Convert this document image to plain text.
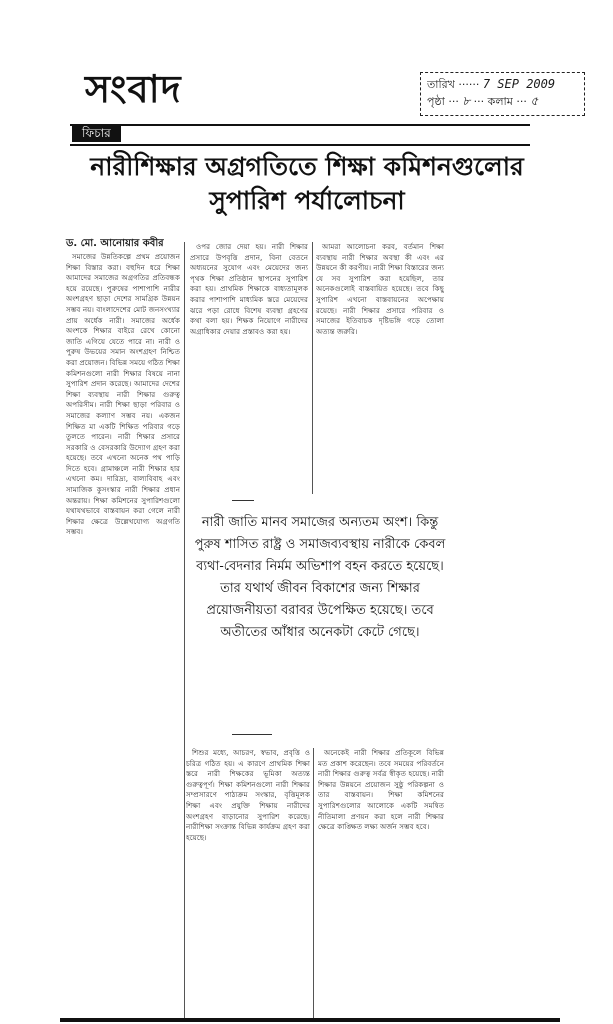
সংবাদ	তারিখ ······ 7 SEP 2009
পৃষ্ঠা ··· ৮ ··· কলাম ··· ৫
ফিচার
নারীশিক্ষার অগ্রগতিতে শিক্ষা কমিশনগুলোর
সুপারিশ পর্যালোচনা
ড. মো. আনোয়ার কবীর

সমাজের উন্নতিকল্পে প্রথম প্রয়োজন শিক্ষা বিস্তার করা। বহুদিন ধরে শিক্ষা আমাদের সমাজের অগ্রগতির প্রতিবন্ধক হয়ে রয়েছে। পুরুষের পাশাপাশি নারীর অংশগ্রহণ ছাড়া দেশের সামগ্রিক উন্নয়ন সম্ভব নয়। বাংলাদেশের মোট জনসংখ্যার প্রায় অর্ধেক নারী। সমাজের অর্ধেক অংশকে শিক্ষার বাইরে রেখে কোনো জাতি এগিয়ে যেতে পারে না। নারী ও পুরুষ উভয়ের সমান অংশগ্রহণ নিশ্চিত করা প্রয়োজন। বিভিন্ন সময়ে গঠিত শিক্ষা কমিশনগুলো নারী শিক্ষার বিষয়ে নানা সুপারিশ প্রদান করেছে। আমাদের দেশের শিক্ষা ব্যবস্থায় নারী শিক্ষার গুরুত্ব অপরিসীম। নারী শিক্ষা ছাড়া পরিবার ও সমাজের কল্যাণ সম্ভব নয়। একজন শিক্ষিত মা একটি শিক্ষিত পরিবার গড়ে তুলতে পারেন। নারী শিক্ষার প্রসারে সরকারি ও বেসরকারি উদ্যোগ গ্রহণ করা হয়েছে। তবে এখনো অনেক পথ পাড়ি দিতে হবে। গ্রামাঞ্চলে নারী শিক্ষার হার এখনো কম। দারিদ্র্য, বাল্যবিবাহ এবং সামাজিক কুসংস্কার নারী শিক্ষার প্রধান অন্তরায়। শিক্ষা কমিশনের সুপারিশগুলো যথাযথভাবে বাস্তবায়ন করা গেলে নারী শিক্ষার ক্ষেত্রে উল্লেখযোগ্য অগ্রগতি সম্ভব।

ওপর জোর দেয়া হয়। নারী শিক্ষার প্রসারে উপবৃত্তি প্রদান, বিনা বেতনে অধ্যয়নের সুযোগ এবং মেয়েদের জন্য পৃথক শিক্ষা প্রতিষ্ঠান স্থাপনের সুপারিশ করা হয়। প্রাথমিক শিক্ষাকে বাধ্যতামূলক করার পাশাপাশি মাধ্যমিক স্তরে মেয়েদের ঝরে পড়া রোধে বিশেষ ব্যবস্থা গ্রহণের কথা বলা হয়। শিক্ষক নিয়োগে নারীদের অগ্রাধিকার দেয়ার প্রস্তাবও করা হয়।

আমরা আলোচনা করব, বর্তমান শিক্ষা ব্যবস্থায় নারী শিক্ষার অবস্থা কী এবং এর উন্নয়নে কী করণীয়। নারী শিক্ষা বিস্তারের জন্য যে সব সুপারিশ করা হয়েছিল, তার অনেকগুলোই বাস্তবায়িত হয়েছে। তবে কিছু সুপারিশ এখনো বাস্তবায়নের অপেক্ষায় রয়েছে। নারী শিক্ষার প্রসারে পরিবার ও সমাজের ইতিবাচক দৃষ্টিভঙ্গি গড়ে তোলা অত্যন্ত জরুরি।

নারী জাতি মানব সমাজের অন্যতম অংশ। কিন্তু পুরুষ শাসিত রাষ্ট্র ও সমাজব্যবস্থায় নারীকে কেবল ব্যথা-বেদনার নির্মম অভিশাপ বহন করতে হয়েছে। তার যথার্থ জীবন বিকাশের জন্য শিক্ষার প্রয়োজনীয়তা বরাবর উপেক্ষিত হয়েছে। তবে অতীতের আঁধার অনেকটা কেটে গেছে।

শিশুর মধ্যে, আচরণ, স্বভাব, প্রবৃত্তি ও চরিত্র গঠিত হয়। এ কারণে প্রাথমিক শিক্ষা স্তরে নারী শিক্ষকের ভূমিকা অত্যন্ত গুরুত্বপূর্ণ। শিক্ষা কমিশনগুলো নারী শিক্ষার সম্প্রসারণে পাঠ্যক্রম সংস্কার, বৃত্তিমূলক শিক্ষা এবং প্রযুক্তি শিক্ষায় নারীদের অংশগ্রহণ বাড়ানোর সুপারিশ করেছে। নারীশিক্ষা সংক্রান্ত বিভিন্ন কার্যক্রম গ্রহণ করা হয়েছে।

অনেকেই নারী শিক্ষার প্রতিকূলে বিভিন্ন মত প্রকাশ করেছেন। তবে সময়ের পরিবর্তনে নারী শিক্ষার গুরুত্ব সর্বত্র স্বীকৃত হয়েছে। নারী শিক্ষার উন্নয়নে প্রয়োজন সুষ্ঠু পরিকল্পনা ও তার বাস্তবায়ন। শিক্ষা কমিশনের সুপারিশগুলোর আলোকে একটি সমন্বিত নীতিমালা প্রণয়ন করা হলে নারী শিক্ষার ক্ষেত্রে কাঙ্ক্ষিত লক্ষ্য অর্জন সম্ভব হবে।
